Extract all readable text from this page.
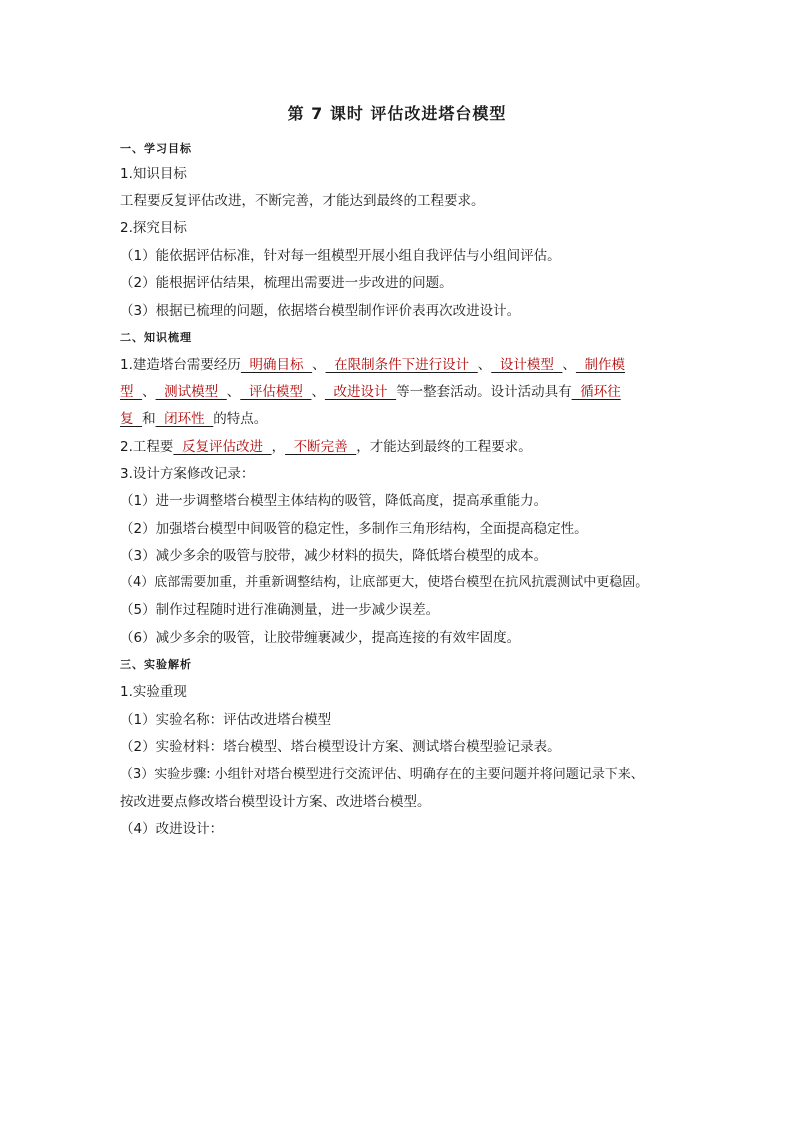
第 7 课时 评估改进塔台模型
一、学习目标
1.知识目标
工程要反复评估改进，不断完善，才能达到最终的工程要求。
2.探究目标
（1）能依据评估标准，针对每一组模型开展小组自我评估与小组间评估。
（2）能根据评估结果，梳理出需要进一步改进的问题。
（3）根据已梳理的问题，依据塔台模型制作评价表再次改进设计。
二、知识梳理
1.建造塔台需要经历  明确目标  、  在限制条件下进行设计  、  设计模型  、  制作模
型  、  测试模型  、  评估模型  、  改进设计  等一整套活动。设计活动具有  循环往
复  和  闭环性  的特点。
2.工程要  反复评估改进  ，  不断完善  ，才能达到最终的工程要求。
3.设计方案修改记录：
（1）进一步调整塔台模型主体结构的吸管，降低高度，提高承重能力。
（2）加强塔台模型中间吸管的稳定性，多制作三角形结构，全面提高稳定性。
（3）减少多余的吸管与胶带，减少材料的损失，降低塔台模型的成本。
（4）底部需要加重，并重新调整结构，让底部更大，使塔台模型在抗风抗震测试中更稳固。
（5）制作过程随时进行准确测量，进一步减少误差。
（6）减少多余的吸管，让胶带缠裹减少，提高连接的有效牢固度。
三、实验解析
1.实验重现
（1）实验名称：评估改进塔台模型
（2）实验材料：塔台模型、塔台模型设计方案、测试塔台模型验记录表。
（3）实验步骤: 小组针对塔台模型进行交流评估、明确存在的主要问题并将问题记录下来、
按改进要点修改塔台模型设计方案、改进塔台模型。
（4）改进设计：
